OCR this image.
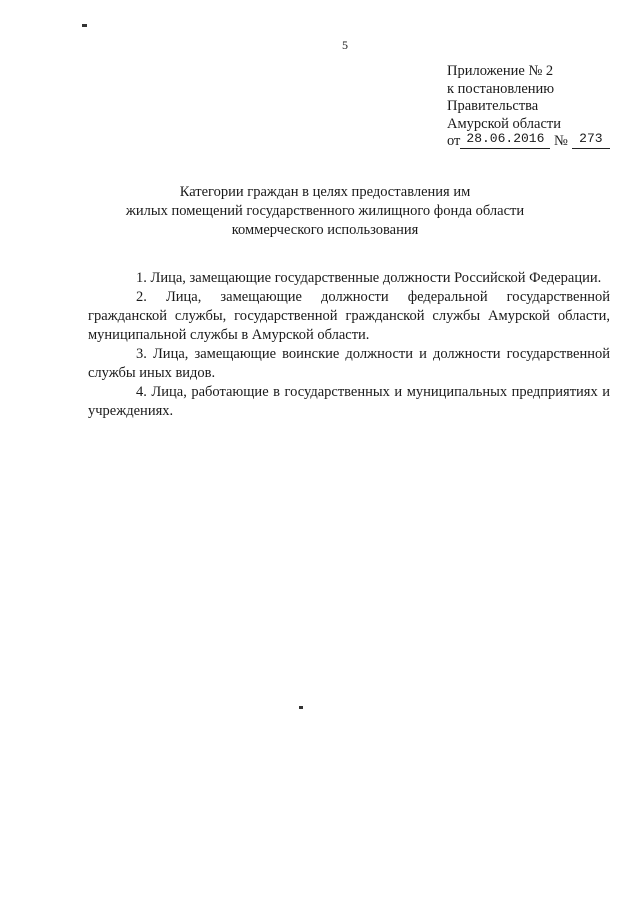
5
Приложение № 2
к постановлению
Правительства
Амурской области
от 28.06.2016 № 273
Категории граждан в целях предоставления им
жилых помещений государственного жилищного фонда области
коммерческого использования

1. Лица, замещающие государственные должности Российской Федерации.

2. Лица, замещающие должности федеральной государственной гражданской службы, государственной гражданской службы Амурской области, муниципальной службы в Амурской области.

3. Лица, замещающие воинские должности и должности государственной службы иных видов.

4. Лица, работающие в государственных и муниципальных предприятиях и учреждениях.
